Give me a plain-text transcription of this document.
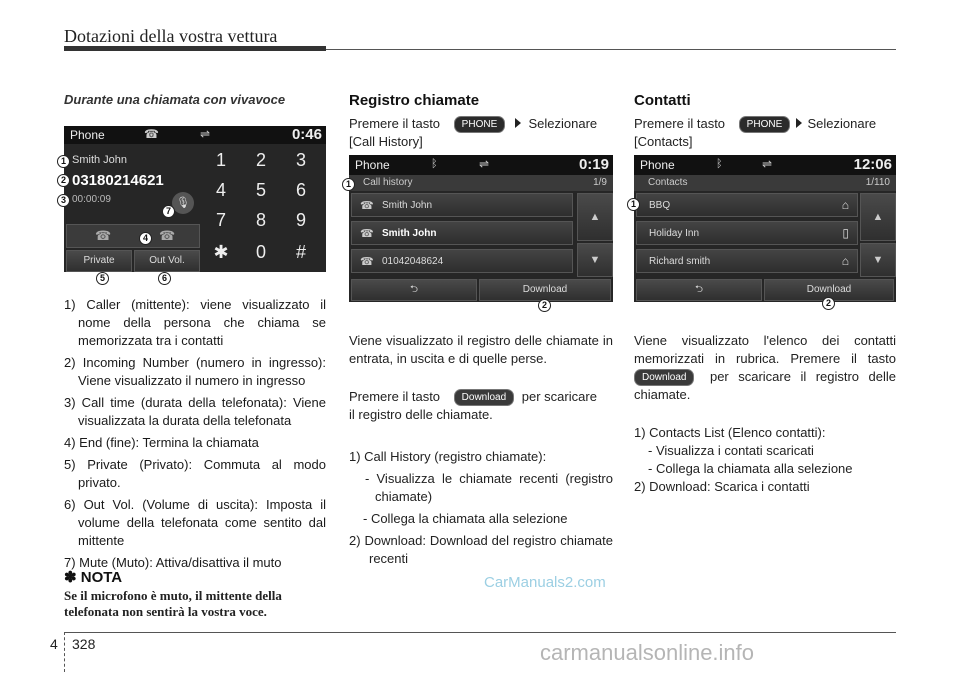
Dotazioni della vostra vettura
Durante una chiamata con vivavoce
Phone	☎	⇌	0:46
Smith John
03180214621
00:00:09	🎙
☎	☎
Private	Out Vol.
1	2	3
4	5	6
7	8	9
✱	0	#
1
2
3
7
4
5	6
1) Caller (mittente): viene visualizzato il nome della persona che chiama se memorizzata tra i contatti
2) Incoming Number (numero in ingresso): Viene visualizzato il numero in ingresso
3) Call time (durata della telefonata): Viene visualizzata la durata della telefonata
4) End (fine): Termina la chiamata
5) Private (Privato): Commuta al modo privato.
6) Out Vol. (Volume di uscita): Imposta il volume della telefonata come sentito dal mittente
7) Mute (Muto): Attiva/disattiva il muto
✽ NOTA
Se il microfono è muto, il mittente della telefonata non sentirà la vostra voce.
Registro chiamate
Premere il tasto PHONE Selezionare
[Call History]
Phone	ᛒ	⇌	0:19
Call history	1/9
☎ Smith John
☎ Smith John
☎ 01042048624
▲
▼
⮌	Download
1
2
Viene visualizzato il registro delle chiamate in entrata, in uscita e di quelle perse.
Premere il tasto Download per scaricare
il registro delle chiamate.
1) Call History (registro chiamate):
- Visualizza le chiamate recenti (registro chiamate)
- Collega la chiamata alla selezione
2) Download: Download del registro chiamate recenti
Contatti
Premere il tasto PHONE Selezionare
[Contacts]
Phone	ᛒ	⇌	12:06
Contacts	1/110
BBQ	⌂
Holiday Inn	▯
Richard smith	⌂
▲
▼
⮌	Download
1
2
Viene visualizzato l'elenco dei contatti memorizzati in rubrica. Premere il tasto Download per scaricare il registro delle chiamate.
1) Contacts List (Elenco contatti):
- Visualizza i contati scaricati
- Collega la chiamata alla selezione
2) Download: Scarica i contatti
CarManuals2.com
carmanualsonline.info
4 328
